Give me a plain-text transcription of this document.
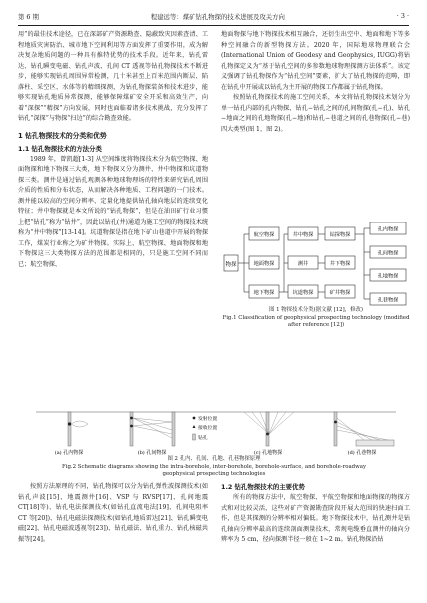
第 6 期	程建远等：煤矿钻孔物探的技术进展及攻关方向	· 3 ·

用”的最佳技术途径，已在深部矿产资源勘查、隐蔽致灾因素查清、工程地质灾害防治、城市地下空间利用等方面发挥了重要作用，成为解决复杂地质问题的一种具有推特优势的技术手段。近年来，钻孔雷达、钻孔瞬变电磁、钻孔声波、孔间 CT 透视等钻孔物探技术不断进步，能够实现钻孔周围异常检测，几十米甚至上百米范围内断层、陷落柱、采空区、水体等的精细探测，为钻孔物探装备和技术进步，能够实现钻孔地质异常探测，能够保障煤矿安全开采和高效生产，向着“深探”“精探”方向发展，同时也面临着诸多技术挑战，充分发挥了钻孔“深探”与物探“扫边”的综合勘查效能。

1 钻孔物探技术的分类和优势

1.1 钻孔物探技术的方法分类

1989 年，曾凯超[1-3] 从空间维度将物探技术分为航空物探、地面物探和地下物探三大类，地下物探又分为测井、井中物探和坑道物探三类。测井是通过钻孔观测各种地球物理场的特性来研究钻孔周围介质的性质和分布状态，从而解决各种地质、工程问题的一门技术。测井能以较高的空间分辨率、定量化地提供钻孔轴向地层的连续变化特征；井中物探就是本文所说的“钻孔物探”，但是在油田矿行业习惯上把“钻孔”称为“钻井”，因此以钻孔(井)通道为施工空间的物探技术统称为“井中物探”[13-14]。坑道物探是指在地下矿山巷道中开展的物探工作，煤炭行业称之为矿井物探。实际上，航空物探、地面物探和地下物探这三大类物探方法的范围都是相同的，只是施工空间不同而已；航空物探、

地面物探与地下物探技术相互融合，还衍生出空中、地面和地下等多种空间融合的新型物探方法。2020 年，国际地球物理联合会(International Union of Geodesy and Geophysics, IUGG)将钻孔物探定义为“基于钻孔空间的多参数地球物理探测方法体系”。该定义强调了钻孔物探作为“钻孔空间”要素，扩大了钻孔物探的范畴，即在钻孔中开展或以钻孔为主开展的物探工作都属于钻孔物探。

按照钻孔物探技术的施工空间关系，本文将钻孔物探技术划分为单一钻孔内部的孔内物探、钻孔−钻孔之间的孔间物探(孔−孔)、钻孔−地面之间的孔地物探(孔−地)和钻孔−巷道之间的孔巷物探(孔−巷)四大类型(图 1，图 2)。

物探
航空物探
地面物探
地下物探
井中物探
测井
坑道物探
钻探物探
井下物探
矿井物探
孔内物探
孔间物探
孔地物探
孔巷物探
图 1 物探技术分类(据文献 [12]，修改)
Fig.1 Classification of geophysical prospecting technology (modified after reference [12])
(a) 孔内物探	(b) 孔间物探
发射位置
接收位置
钻孔
(c) 孔地物探	(d) 孔巷物探
图 2 孔内、孔间、孔地、孔巷物探原理
Fig.2 Schematic diagrams showing the intra-borehole, inter-borehole, borehole-surface, and borehole-roadway
geophysical prospecting technologies

按照方法原理的不同，钻孔物探可以分为钻孔弹性波探测技术(如钻孔声波[15]、地震测井[16]、VSP 与 RVSP[17]、孔间地震 CT[18]等)、钻孔电法探测技术(如钻孔直流电法[19]、孔间电阻率 CT 等[20])、钻孔电磁法探测技术(如钻孔地质雷达[21]、钻孔瞬变电磁[22]、钻孔电磁波透视等[23])、钻孔磁法、钻孔重力、钻孔核磁共振等[24]。

1.2 钻孔物探技术的主要优势

所有的物探方法中，航空物探、平航空物探和地面物探的物探方式和对比较灵活，这些对矿产资源勘查阶段开展大范围的快速扫面工作，但是其探测的分辨率相对偏低。地下物探技术中，钻孔测井是钻孔轴向分辨率最高的连续剖面测量技术，常规电缆垂直测井的轴向分辨率为 5 cm，径向探测半径一般在 1~2 m。钻孔物探沿钻
